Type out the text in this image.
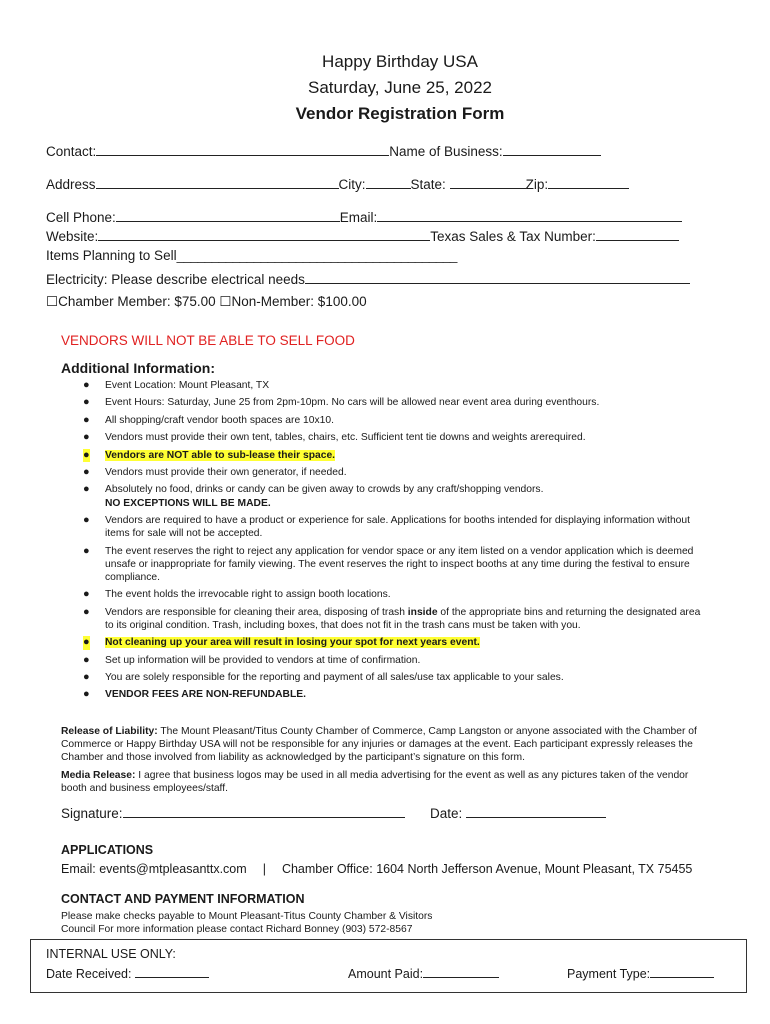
Happy Birthday USA
Saturday, June 25, 2022
Vendor Registration Form
Contact:	Name of Business:
Address	City:	State:	Zip:
Cell Phone:	Email:
Website:	Texas Sales & Tax Number:
Items Planning to Sell________________________________________
Electricity: Please describe electrical needs
☐Chamber Member: $75.00 ☐Non-Member: $100.00
VENDORS WILL NOT BE ABLE TO SELL FOOD
Additional Information:
● Event Location: Mount Pleasant, TX
● Event Hours: Saturday, June 25 from 2pm-10pm. No cars will be allowed near event area during eventhours.
● All shopping/craft vendor booth spaces are 10x10.
● Vendors must provide their own tent, tables, chairs, etc. Sufficient tent tie downs and weights arerequired.
● Vendors are NOT able to sub-lease their space.
● Vendors must provide their own generator, if needed.
● Absolutely no food, drinks or candy can be given away to crowds by any craft/shopping vendors.
NO EXCEPTIONS WILL BE MADE.
● Vendors are required to have a product or experience for sale. Applications for booths intended for displaying information without items for sale will not be accepted.
● The event reserves the right to reject any application for vendor space or any item listed on a vendor application which is deemed unsafe or inappropriate for family viewing. The event reserves the right to inspect booths at any time during the festival to ensure compliance.
● The event holds the irrevocable right to assign booth locations.
● Vendors are responsible for cleaning their area, disposing of trash inside of the appropriate bins and returning the designated area to its original condition. Trash, including boxes, that does not fit in the trash cans must be taken with you.
● Not cleaning up your area will result in losing your spot for next years event.
● Set up information will be provided to vendors at time of confirmation.
● You are solely responsible for the reporting and payment of all sales/use tax applicable to your sales.
● VENDOR FEES ARE NON-REFUNDABLE.
Release of Liability: The Mount Pleasant/Titus County Chamber of Commerce, Camp Langston or anyone associated with the Chamber of Commerce or Happy Birthday USA will not be responsible for any injuries or damages at the event. Each participant expressly releases the Chamber and those involved from liability as acknowledged by the participant’s signature on this form.
Media Release: I agree that business logos may be used in all media advertising for the event as well as any pictures taken of the vendor booth and business employees/staff.
Signature:	Date:
APPLICATIONS
Email: events@mtpleasanttx.com | Chamber Office: 1604 North Jefferson Avenue, Mount Pleasant, TX 75455
CONTACT AND PAYMENT INFORMATION
Please make checks payable to Mount Pleasant-Titus County Chamber & Visitors
Council For more information please contact Richard Bonney (903) 572-8567
INTERNAL USE ONLY:
Date Received:	Amount Paid:	Payment Type:
